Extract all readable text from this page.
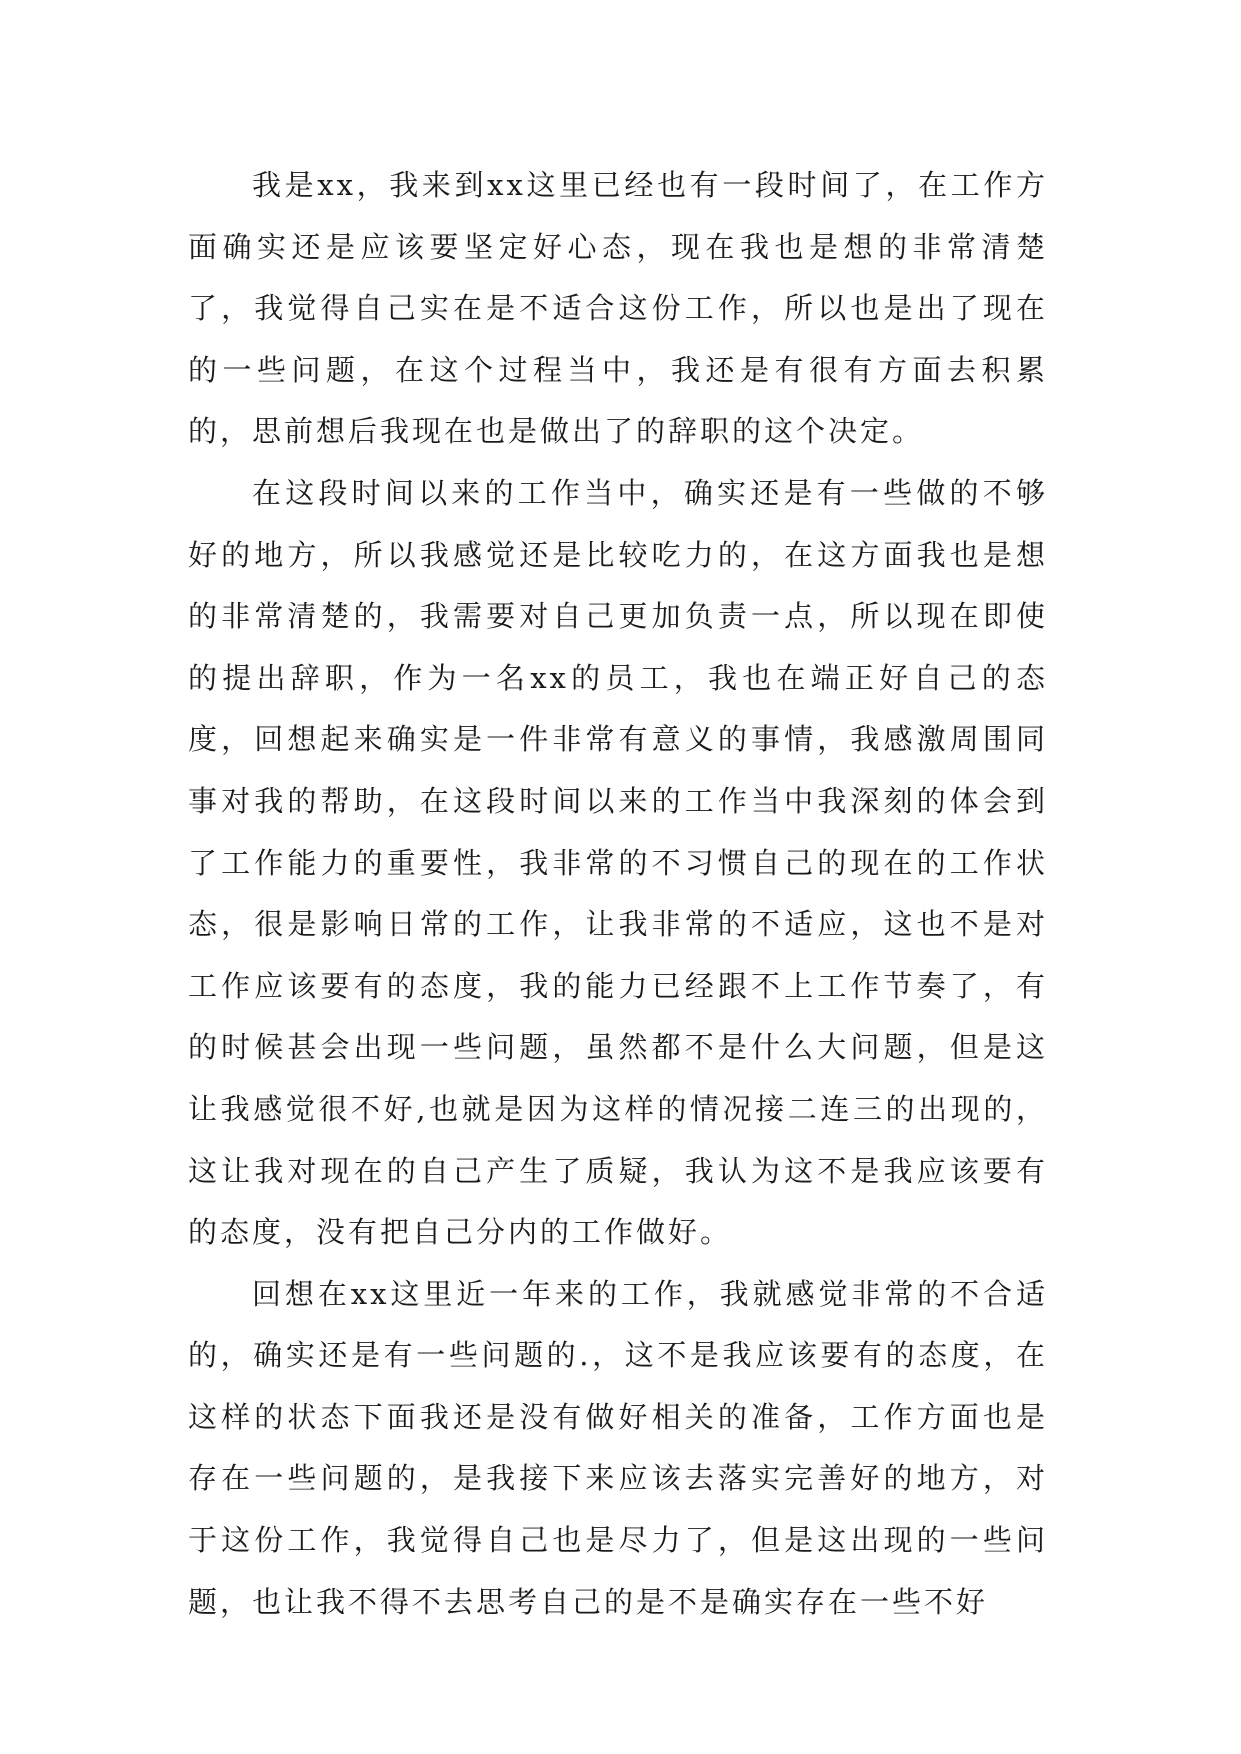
我是xx，我来到xx这里已经也有一段时间了，在工作方面确实还是应该要坚定好心态，现在我也是想的非常清楚了，我觉得自己实在是不适合这份工作，所以也是出了现在的一些问题，在这个过程当中，我还是有很有方面去积累的，思前想后我现在也是做出了的辞职的这个决定。

在这段时间以来的工作当中，确实还是有一些做的不够好的地方，所以我感觉还是比较吃力的，在这方面我也是想的非常清楚的，我需要对自己更加负责一点，所以现在即使的提出辞职，作为一名xx的员工，我也在端正好自己的态度，回想起来确实是一件非常有意义的事情，我感激周围同事对我的帮助，在这段时间以来的工作当中我深刻的体会到了工作能力的重要性，我非常的不习惯自己的现在的工作状态，很是影响日常的工作，让我非常的不适应，这也不是对工作应该要有的态度，我的能力已经跟不上工作节奏了，有的时候甚会出现一些问题，虽然都不是什么大问题，但是这让我感觉很不好,也就是因为这样的情况接二连三的出现的，这让我对现在的自己产生了质疑，我认为这不是我应该要有的态度，没有把自己分内的工作做好。

回想在xx这里近一年来的工作，我就感觉非常的不合适的，确实还是有一些问题的.，这不是我应该要有的态度，在这样的状态下面我还是没有做好相关的准备，工作方面也是存在一些问题的，是我接下来应该去落实完善好的地方，对于这份工作，我觉得自己也是尽力了，但是这出现的一些问题，也让我不得不去思考自己的是不是确实存在一些不好
